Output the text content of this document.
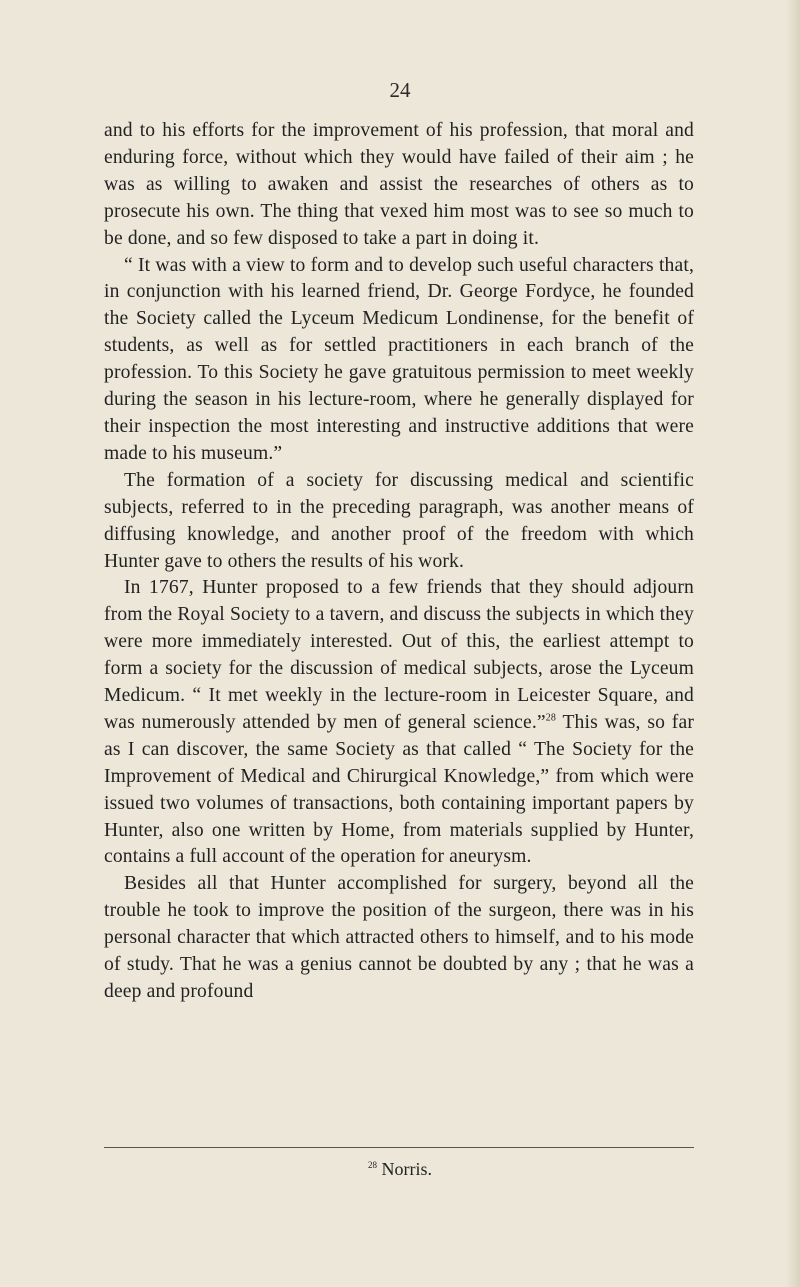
24

and to his efforts for the improvement of his profession, that moral and enduring force, without which they would have failed of their aim ; he was as willing to awaken and assist the researches of others as to prosecute his own. The thing that vexed him most was to see so much to be done, and so few disposed to take a part in doing it.

“ It was with a view to form and to develop such useful characters that, in conjunction with his learned friend, Dr. George Fordyce, he founded the Society called the Lyceum Medicum Londinense, for the benefit of students, as well as for settled practitioners in each branch of the profession. To this Society he gave gratuitous permission to meet weekly during the season in his lecture-room, where he generally displayed for their inspection the most interesting and instructive additions that were made to his museum.”

The formation of a society for discussing medical and scientific subjects, referred to in the preceding paragraph, was another means of diffusing knowledge, and another proof of the freedom with which Hunter gave to others the results of his work.

In 1767, Hunter proposed to a few friends that they should adjourn from the Royal Society to a tavern, and discuss the subjects in which they were more immediately interested. Out of this, the earliest attempt to form a society for the discussion of medical subjects, arose the Lyceum Medicum. “ It met weekly in the lecture-room in Leicester Square, and was numerously attended by men of general science.”$^{28}$ This was, so far as I can discover, the same Society as that called “ The Society for the Improvement of Medical and Chirurgical Knowledge,” from which were issued two volumes of transactions, both containing important papers by Hunter, also one written by Home, from materials supplied by Hunter, contains a full account of the operation for aneurysm.

Besides all that Hunter accomplished for surgery, beyond all the trouble he took to improve the position of the surgeon, there was in his personal character that which attracted others to himself, and to his mode of study. That he was a genius cannot be doubted by any ; that he was a deep and profound

$^{28}$ Norris.
